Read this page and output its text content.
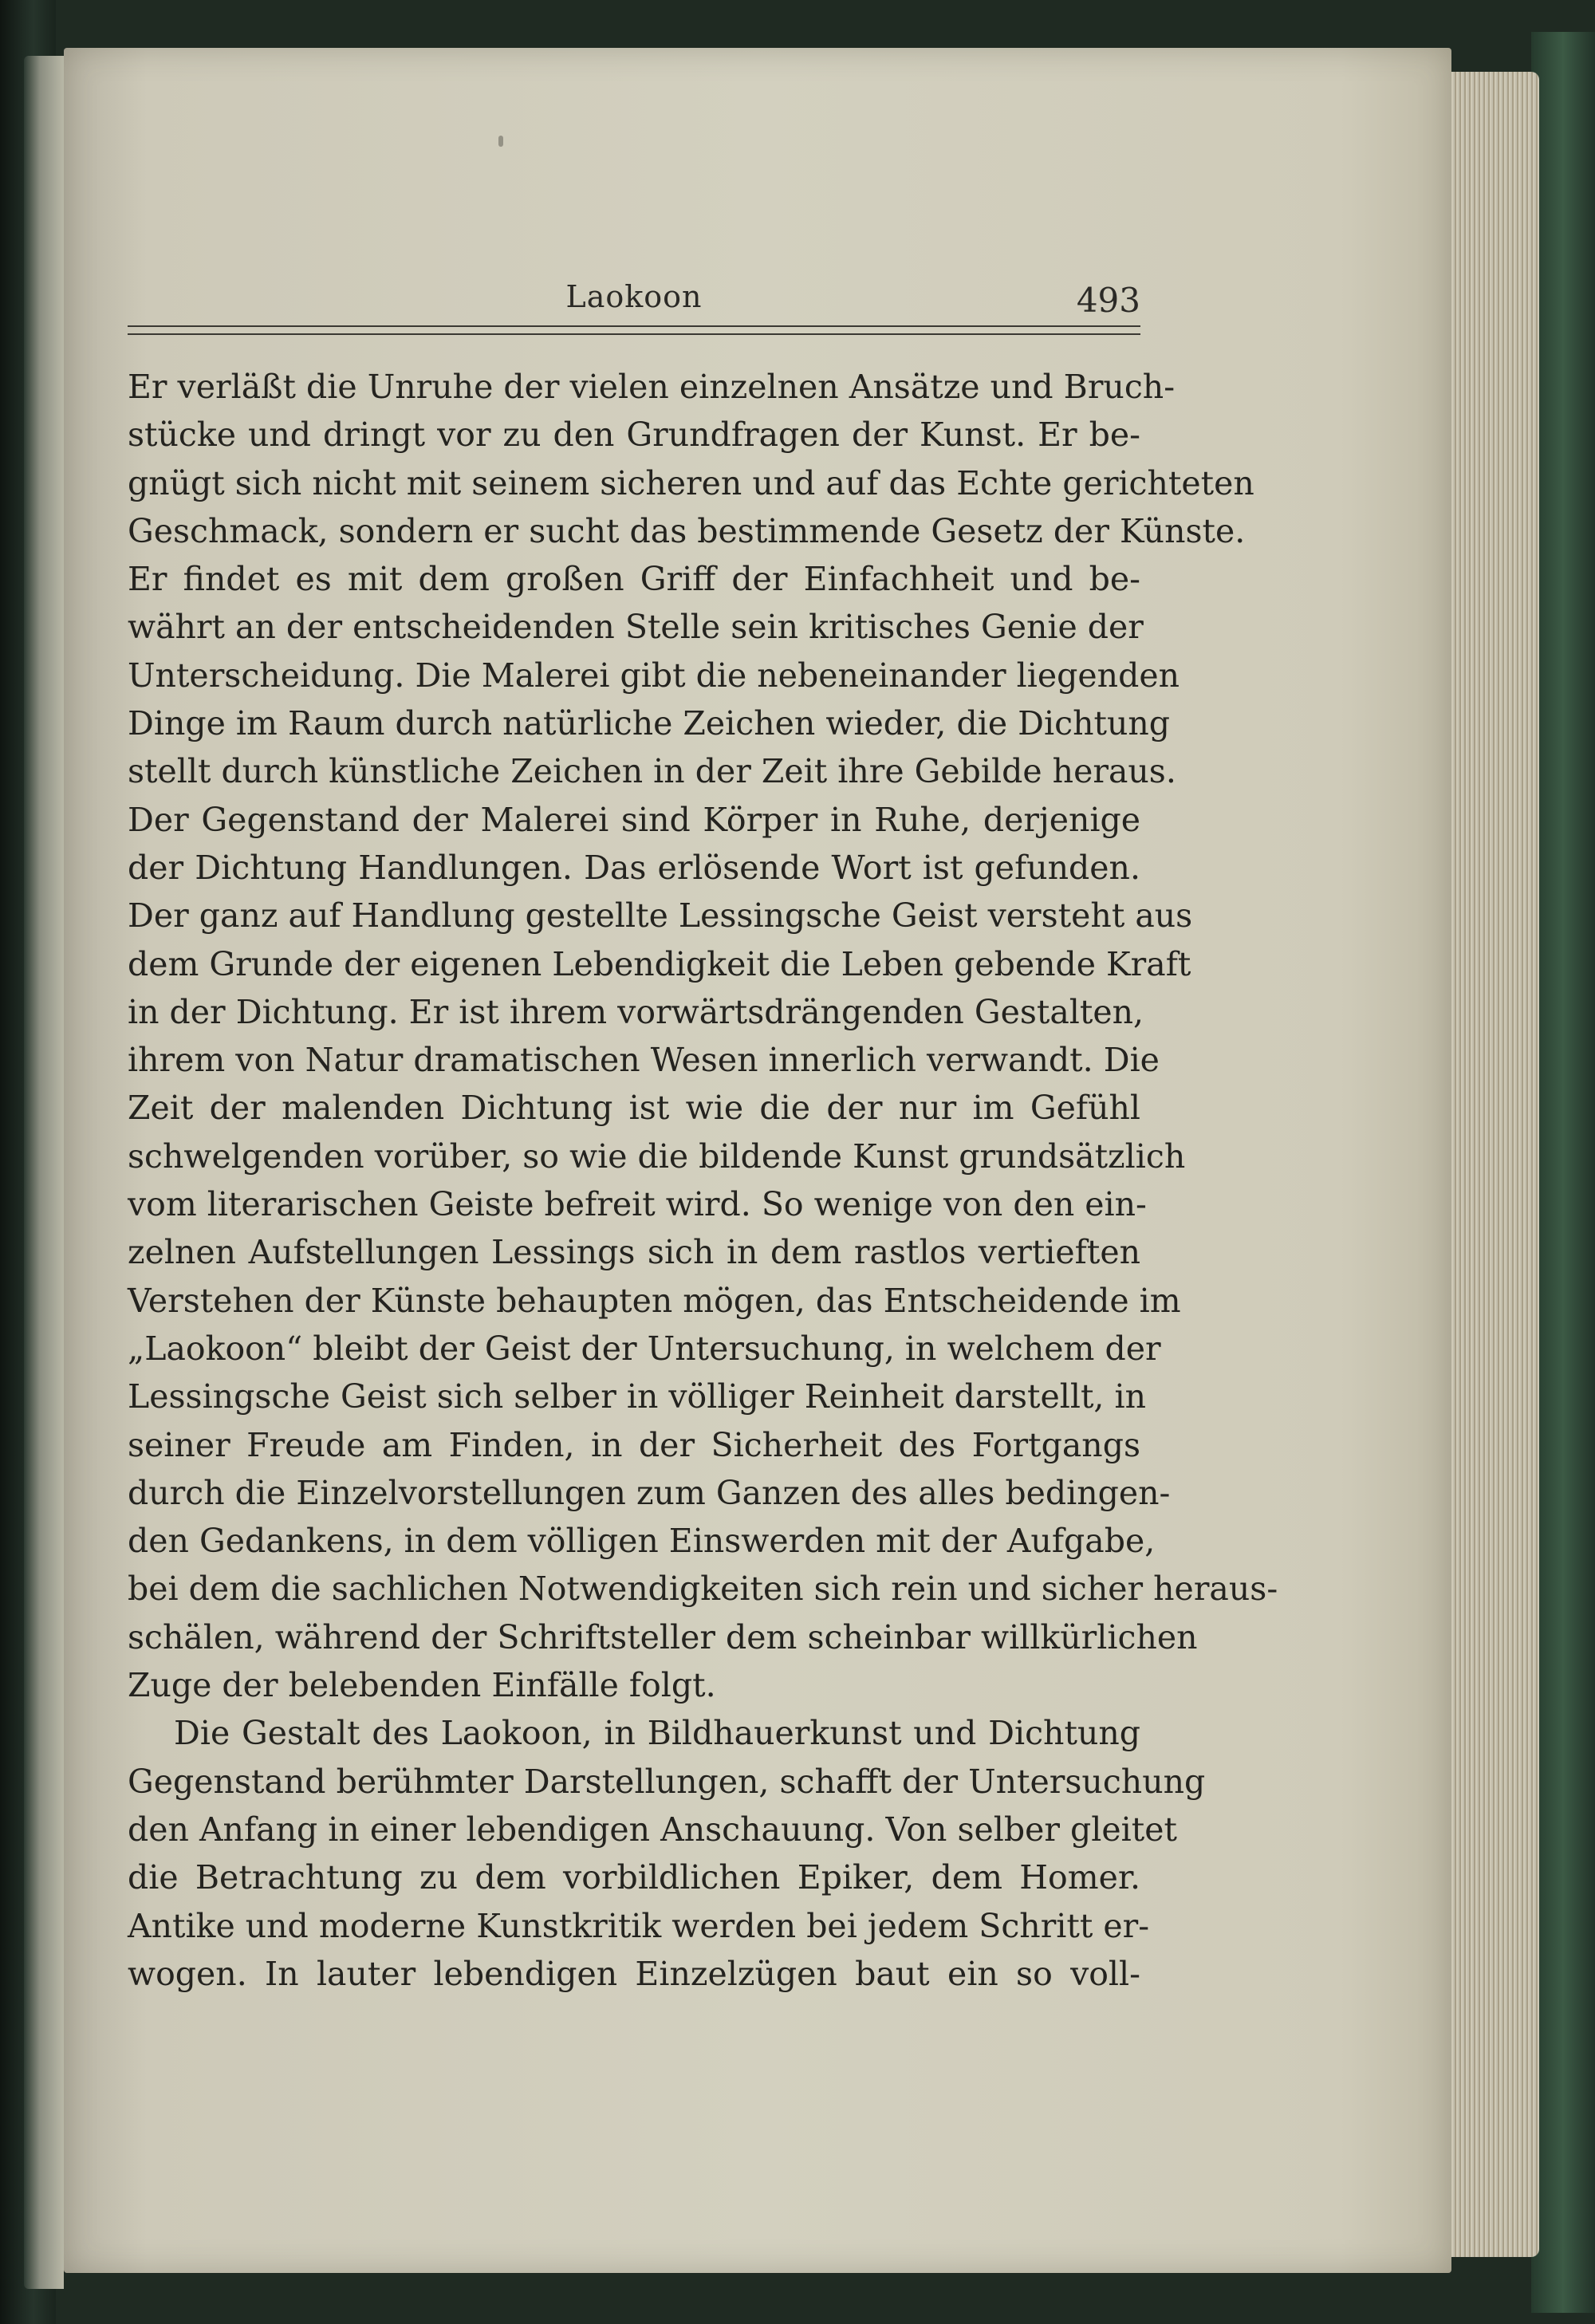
Laokoon	493
Er verläßt die Unruhe der vielen einzelnen Ansätze und Bruch-
stücke und dringt vor zu den Grundfragen der Kunst. Er be-
gnügt sich nicht mit seinem sicheren und auf das Echte gerichteten
Geschmack, sondern er sucht das bestimmende Gesetz der Künste.
Er findet es mit dem großen Griff der Einfachheit und be-
währt an der entscheidenden Stelle sein kritisches Genie der
Unterscheidung. Die Malerei gibt die nebeneinander liegenden
Dinge im Raum durch natürliche Zeichen wieder, die Dichtung
stellt durch künstliche Zeichen in der Zeit ihre Gebilde heraus.
Der Gegenstand der Malerei sind Körper in Ruhe, derjenige
der Dichtung Handlungen. Das erlösende Wort ist gefunden.
Der ganz auf Handlung gestellte Lessingsche Geist versteht aus
dem Grunde der eigenen Lebendigkeit die Leben gebende Kraft
in der Dichtung. Er ist ihrem vorwärtsdrängenden Gestalten,
ihrem von Natur dramatischen Wesen innerlich verwandt. Die
Zeit der malenden Dichtung ist wie die der nur im Gefühl
schwelgenden vorüber, so wie die bildende Kunst grundsätzlich
vom literarischen Geiste befreit wird. So wenige von den ein-
zelnen Aufstellungen Lessings sich in dem rastlos vertieften
Verstehen der Künste behaupten mögen, das Entscheidende im
„Laokoon“ bleibt der Geist der Untersuchung, in welchem der
Lessingsche Geist sich selber in völliger Reinheit darstellt, in
seiner Freude am Finden, in der Sicherheit des Fortgangs
durch die Einzelvorstellungen zum Ganzen des alles bedingen-
den Gedankens, in dem völligen Einswerden mit der Aufgabe,
bei dem die sachlichen Notwendigkeiten sich rein und sicher heraus-
schälen, während der Schriftsteller dem scheinbar willkürlichen
Zuge der belebenden Einfälle folgt.
Die Gestalt des Laokoon, in Bildhauerkunst und Dichtung
Gegenstand berühmter Darstellungen, schafft der Untersuchung
den Anfang in einer lebendigen Anschauung. Von selber gleitet
die Betrachtung zu dem vorbildlichen Epiker, dem Homer.
Antike und moderne Kunstkritik werden bei jedem Schritt er-
wogen. In lauter lebendigen Einzelzügen baut ein so voll-
